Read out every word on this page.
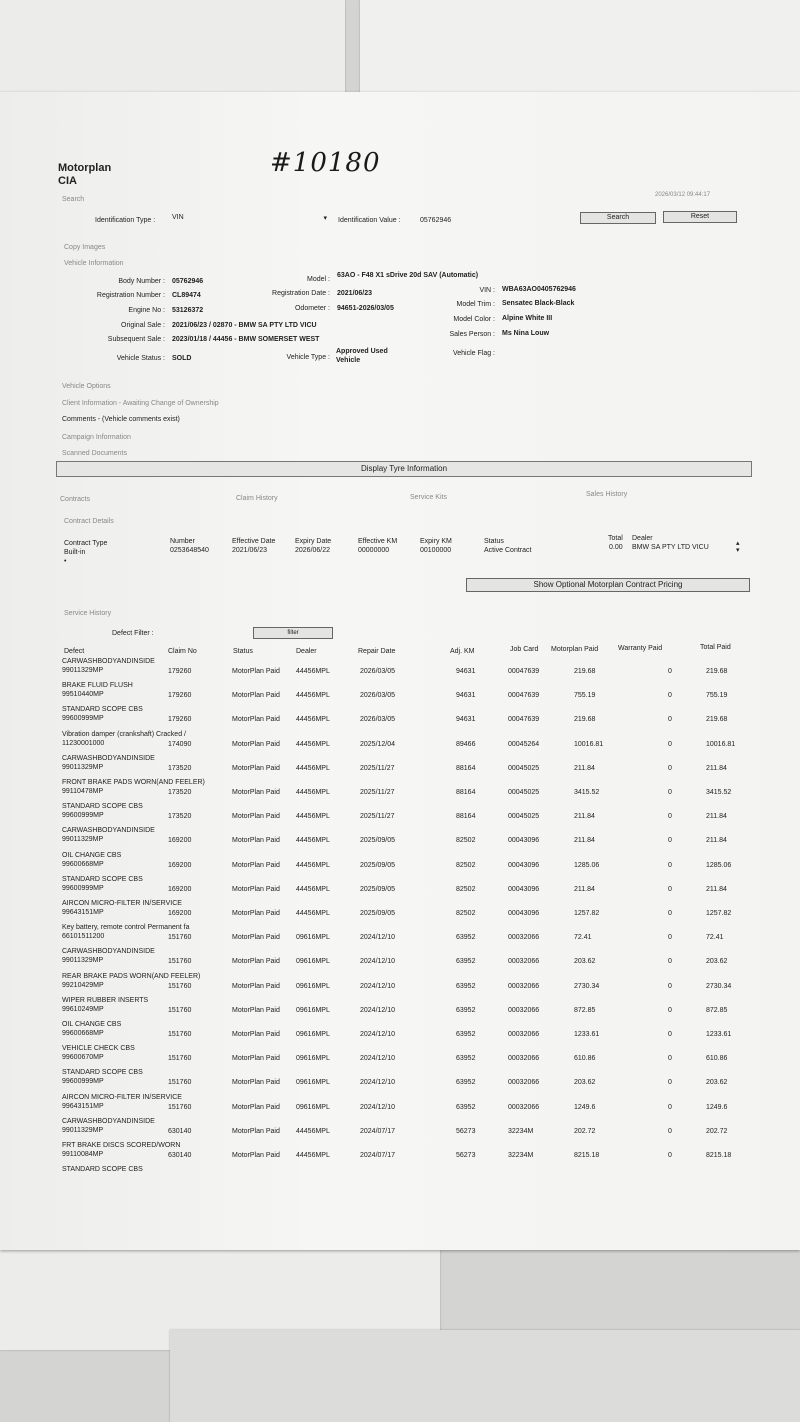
Motorplan
CIA
#10180
Search
2026/03/12 09:44:17
Identification Type : VIN	▾ Identification Value :	05762946	Search	Reset
Copy Images
Vehicle Information
Body Number : 05762946
Registration Number : CL89474
Engine No : 53126372
Original Sale : 2021/06/23 / 02870 - BMW SA PTY LTD VICU
Subsequent Sale : 2023/01/18 / 44456 - BMW SOMERSET WEST
Vehicle Status : SOLD
Model :
63AO - F48 X1 sDrive 20d SAV (Automatic)
Registration Date : 2021/06/23
Odometer : 94651-2026/03/05
Vehicle Type :
Approved Used Vehicle
VIN : WBA63AO0405762946
Model Trim : Sensatec Black-Black
Model Color : Alpine White III
Sales Person : Ms Nina Louw
Vehicle Flag :
Vehicle Options
Client Information - Awaiting Change of Ownership
Comments - (Vehicle comments exist)
Campaign Information
Scanned Documents
Display Tyre Information
Contracts	Claim History	Service Kits	Sales History
Contract Details
Contract Type	Number	Effective Date	Expiry Date	Effective KM	Expiry KM	Status	Total Dealer
Built-in	0253648540	2021/06/23	2026/06/22	00000000	00100000	Active Contract	0.00 BMW SA PTY LTD VICU
▴
▾
•
Show Optional Motorplan Contract Pricing
Service History
Defect Filter :	filter
Defect	Claim No	Status	Dealer	Repair Date	Adj. KM	Job Card Motorplan Paid	Warranty Paid	Total Paid
CARWASHBODYANDINSIDE
99011329MP	179260	MotorPlan Paid 44456MPL	2026/03/05	94631	00047639	219.68	0	219.68
BRAKE FLUID FLUSH
99510440MP	179260	MotorPlan Paid 44456MPL	2026/03/05	94631	00047639	755.19	0	755.19
STANDARD SCOPE CBS
99600999MP	179260	MotorPlan Paid 44456MPL	2026/03/05	94631	00047639	219.68	0	219.68
Vibration damper (crankshaft) Cracked /
11230001000	174090	MotorPlan Paid 44456MPL	2025/12/04	89466	00045264	10016.81	0	10016.81
CARWASHBODYANDINSIDE
99011329MP	173520	MotorPlan Paid 44456MPL	2025/11/27	88164	00045025	211.84	0	211.84
FRONT BRAKE PADS WORN(AND FEELER)
99110478MP	173520	MotorPlan Paid 44456MPL	2025/11/27	88164	00045025	3415.52	0	3415.52
STANDARD SCOPE CBS
99600999MP	173520	MotorPlan Paid 44456MPL	2025/11/27	88164	00045025	211.84	0	211.84
CARWASHBODYANDINSIDE
99011329MP	169200	MotorPlan Paid 44456MPL	2025/09/05	82502	00043096	211.84	0	211.84
OIL CHANGE CBS
99600668MP	169200	MotorPlan Paid 44456MPL	2025/09/05	82502	00043096	1285.06	0	1285.06
STANDARD SCOPE CBS
99600999MP	169200	MotorPlan Paid 44456MPL	2025/09/05	82502	00043096	211.84	0	211.84
AIRCON MICRO-FILTER IN/SERVICE
99643151MP	169200	MotorPlan Paid 44456MPL	2025/09/05	82502	00043096	1257.82	0	1257.82
Key battery, remote control Permanent fa
66101511200	151760	MotorPlan Paid 09616MPL	2024/12/10	63952	00032066	72.41	0	72.41
CARWASHBODYANDINSIDE
99011329MP	151760	MotorPlan Paid 09616MPL	2024/12/10	63952	00032066	203.62	0	203.62
REAR BRAKE PADS WORN(AND FEELER)
99210429MP	151760	MotorPlan Paid 09616MPL	2024/12/10	63952	00032066	2730.34	0	2730.34
WIPER RUBBER INSERTS
99610249MP	151760	MotorPlan Paid 09616MPL	2024/12/10	63952	00032066	872.85	0	872.85
OIL CHANGE CBS
99600668MP	151760	MotorPlan Paid 09616MPL	2024/12/10	63952	00032066	1233.61	0	1233.61
VEHICLE CHECK CBS
99600670MP	151760	MotorPlan Paid 09616MPL	2024/12/10	63952	00032066	610.86	0	610.86
STANDARD SCOPE CBS
99600999MP	151760	MotorPlan Paid 09616MPL	2024/12/10	63952	00032066	203.62	0	203.62
AIRCON MICRO-FILTER IN/SERVICE
99643151MP	151760	MotorPlan Paid 09616MPL	2024/12/10	63952	00032066	1249.6	0	1249.6
CARWASHBODYANDINSIDE
99011329MP	630140	MotorPlan Paid 44456MPL	2024/07/17	56273	32234M	202.72	0	202.72
FRT BRAKE DISCS SCORED/WORN
99110084MP	630140	MotorPlan Paid 44456MPL	2024/07/17	56273	32234M	8215.18	0	8215.18
STANDARD SCOPE CBS
